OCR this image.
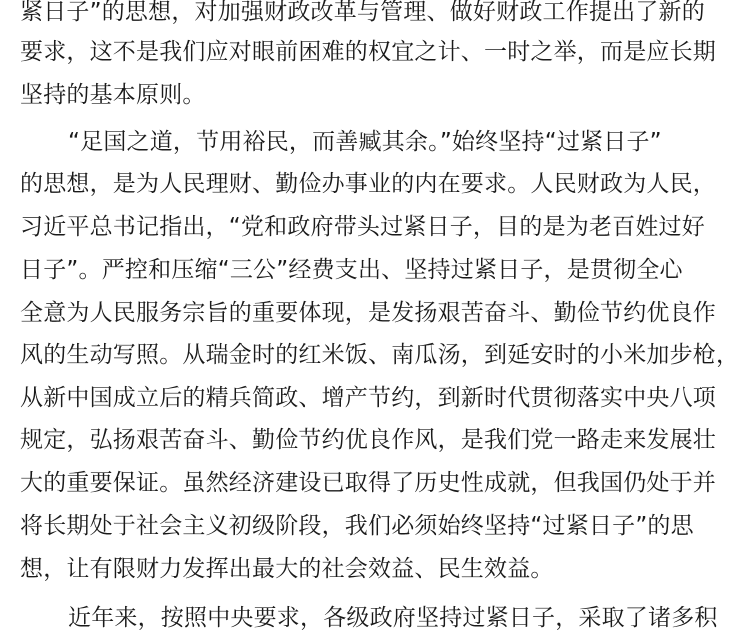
紧日子”的思想，对加强财政改革与管理、做好财政工作提出了新的
要求，这不是我们应对眼前困难的权宜之计、一时之举，而是应长期
坚持的基本原则。
“足国之道，节用裕民，而善臧其余。”始终坚持“过紧日子”
的思想，是为人民理财、勤俭办事业的内在要求。人民财政为人民，
习近平总书记指出，“党和政府带头过紧日子，目的是为老百姓过好
日子”。严控和压缩“三公”经费支出、坚持过紧日子，是贯彻全心
全意为人民服务宗旨的重要体现，是发扬艰苦奋斗、勤俭节约优良作
风的生动写照。从瑞金时的红米饭、南瓜汤，到延安时的小米加步枪，
从新中国成立后的精兵简政、增产节约，到新时代贯彻落实中央八项
规定，弘扬艰苦奋斗、勤俭节约优良作风，是我们党一路走来发展壮
大的重要保证。虽然经济建设已取得了历史性成就，但我国仍处于并
将长期处于社会主义初级阶段，我们必须始终坚持“过紧日子”的思
想，让有限财力发挥出最大的社会效益、民生效益。
近年来，按照中央要求，各级政府坚持过紧日子，采取了诸多积
